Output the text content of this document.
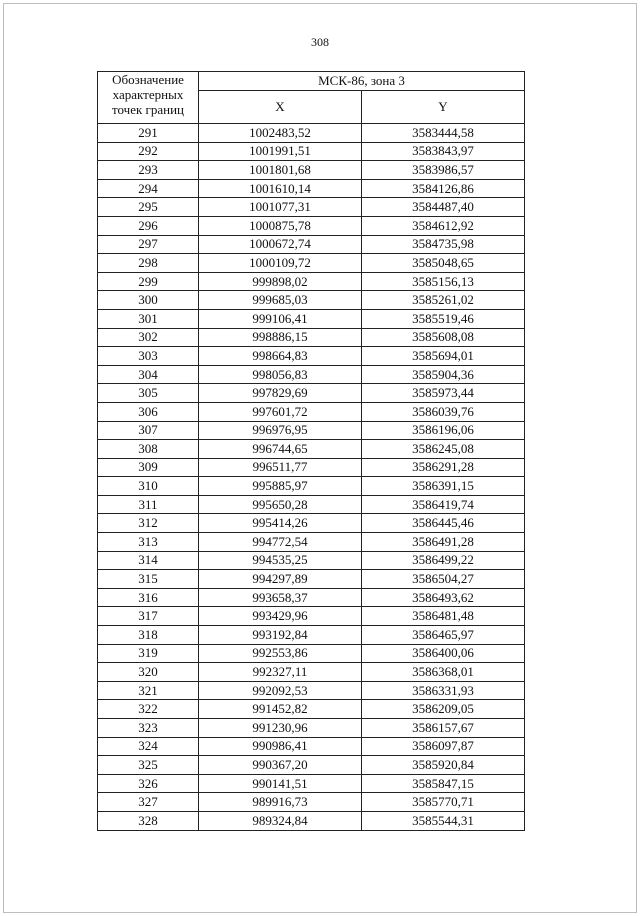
308
Обозначение характерных точек границ	МСК-86, зона 3	
	X	Y
291	1002483,52	3583444,58
292	1001991,51	3583843,97
293	1001801,68	3583986,57
294	1001610,14	3584126,86
295	1001077,31	3584487,40
296	1000875,78	3584612,92
297	1000672,74	3584735,98
298	1000109,72	3585048,65
299	999898,02	3585156,13
300	999685,03	3585261,02
301	999106,41	3585519,46
302	998886,15	3585608,08
303	998664,83	3585694,01
304	998056,83	3585904,36
305	997829,69	3585973,44
306	997601,72	3586039,76
307	996976,95	3586196,06
308	996744,65	3586245,08
309	996511,77	3586291,28
310	995885,97	3586391,15
311	995650,28	3586419,74
312	995414,26	3586445,46
313	994772,54	3586491,28
314	994535,25	3586499,22
315	994297,89	3586504,27
316	993658,37	3586493,62
317	993429,96	3586481,48
318	993192,84	3586465,97
319	992553,86	3586400,06
320	992327,11	3586368,01
321	992092,53	3586331,93
322	991452,82	3586209,05
323	991230,96	3586157,67
324	990986,41	3586097,87
325	990367,20	3585920,84
326	990141,51	3585847,15
327	989916,73	3585770,71
328	989324,84	3585544,31
